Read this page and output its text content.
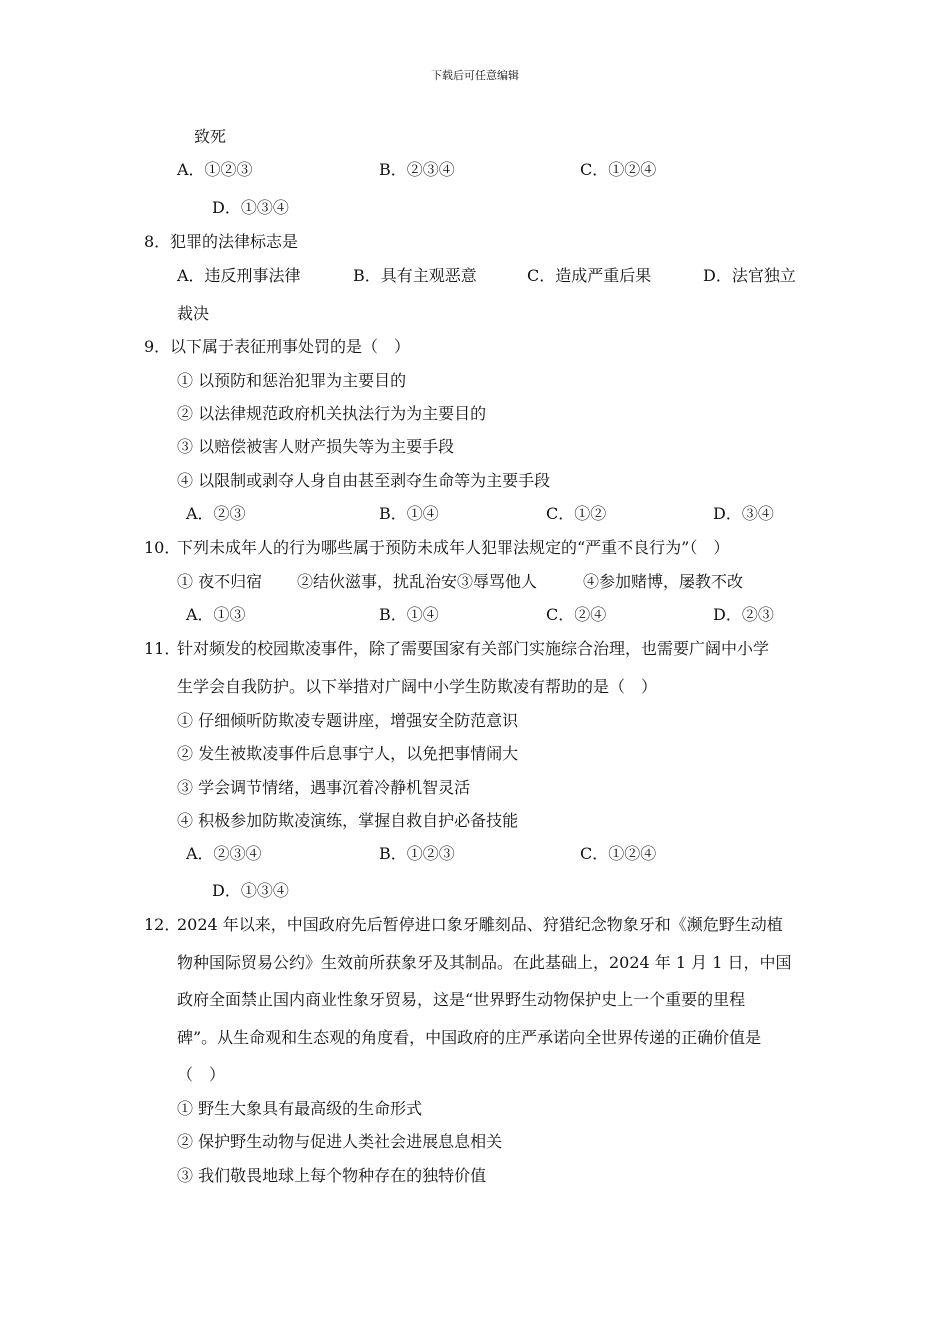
下载后可任意编辑
致死
A．①②③	B．②③④	C．①②④
D．①③④
8． 犯罪的法律标志是
A．违反刑事法律	B．具有主观恶意	C．造成严重后果	D．法官独立
裁决
9． 以下属于表征刑事处罚的是（　）
① 以预防和惩治犯罪为主要目的
② 以法律规范政府机关执法行为为主要目的
③ 以赔偿被害人财产损失等为主要手段
④ 以限制或剥夺人身自由甚至剥夺生命等为主要手段
A．②③	B．①④	C．①②	D．③④
10．
下列未成年人的行为哪些属于预防未成年人犯罪法规定的“严重不良行为”（　）
① 夜不归宿 ②结伙滋事，扰乱治安③辱骂他人	④参加赌博，屡教不改
A．①③	B．①④	C．②④	D．②③
11．
针对频发的校园欺凌事件，除了需要国家有关部门实施综合治理，也需要广阔中小学
生学会自我防护。以下举措对广阔中小学生防欺凌有帮助的是（　）
① 仔细倾听防欺凌专题讲座，增强安全防范意识
② 发生被欺凌事件后息事宁人，以免把事情闹大
③ 学会调节情绪，遇事沉着冷静机智灵活
④ 积极参加防欺凌演练，掌握自救自护必备技能
A．②③④	B．①②③	C．①②④
D．①③④
12．
2024 年以来，中国政府先后暂停进口象牙雕刻品、狩猎纪念物象牙和《濒危野生动植
物种国际贸易公约》生效前所获象牙及其制品。在此基础上，2024 年 1 月 1 日，中国
政府全面禁止国内商业性象牙贸易，这是“世界野生动物保护史上一个重要的里程
碑”。从生命观和生态观的角度看，中国政府的庄严承诺向全世界传递的正确价值是
（　）
① 野生大象具有最高级的生命形式
② 保护野生动物与促进人类社会进展息息相关
③ 我们敬畏地球上每个物种存在的独特价值
